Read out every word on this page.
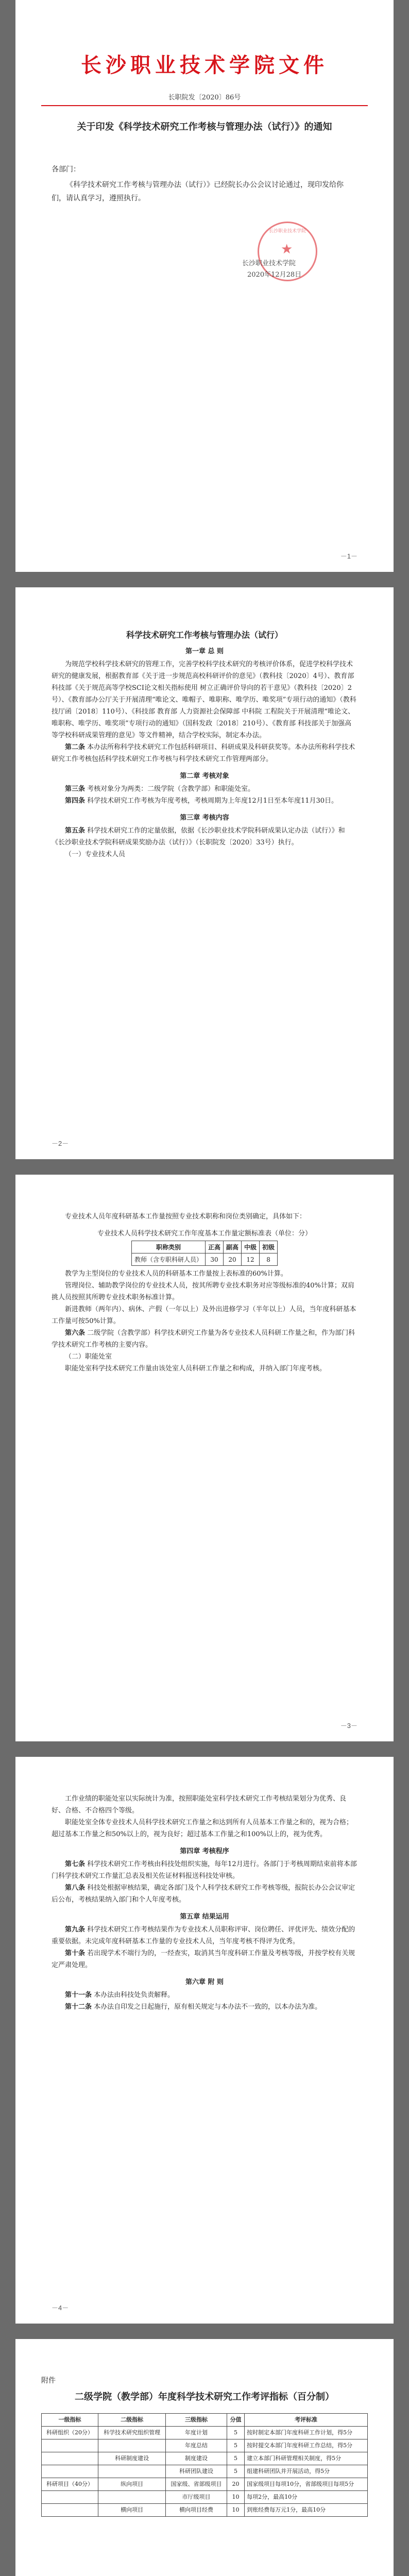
长沙职业技术学院文件
长职院发〔2020〕86号
关于印发《科学技术研究工作考核与管理办法（试行）》的通知
各部门：

《科学技术研究工作考核与管理办法（试行）》已经院长办公会议讨论通过，现印发给你们，请认真学习，遵照执行。

长沙职业技术学院
★
长沙职业技术学院
2020年12月28日
－1－

科学技术研究工作考核与管理办法（试行）

第一章 总 则

为规范学校科学技术研究的管理工作，完善学校科学技术研究的考核评价体系，促进学校科学技术研究的健康发展，根据教育部《关于进一步规范高校科研评价的意见》（教科技〔2020〕4号）、教育部 科技部《关于规范高等学校SCI论文相关指标使用 树立正确评价导向的若干意见》（教科技〔2020〕2号）、《教育部办公厅关于开展清理“唯论文、唯帽子、唯职称、唯学历、唯奖项”专项行动的通知》（教科技厅函〔2018〕110号）、《科技部 教育部 人力资源社会保障部 中科院 工程院关于开展清理“唯论文、唯职称、唯学历、唯奖项”专项行动的通知》（国科发政〔2018〕210号）、《教育部 科技部关于加强高等学校科研成果管理的意见》等文件精神，结合学校实际，制定本办法。

第二条 本办法所称科学技术研究工作包括科研项目、科研成果及科研获奖等。本办法所称科学技术研究工作考核包括科学技术研究工作考核与科学技术研究工作管理两部分。

第二章 考核对象

第三条 考核对象分为两类：二级学院（含教学部）和职能处室。

第四条 科学技术研究工作考核为年度考核，考核周期为上年度12月1日至本年度11月30日。

第三章 考核内容

第五条 科学技术研究工作的定量依据，依据《长沙职业技术学院科研成果认定办法（试行）》和《长沙职业技术学院科研成果奖励办法（试行）》（长职院发〔2020〕33号）执行。

（一）专业技术人员

－2－

专业技术人员年度科研基本工作量按照专业技术职称和岗位类别确定，具体如下：

专业技术人员科学技术研究工作年度基本工作量定额标准表（单位：分）
职称类别	正高	副高	中级	初级
教师（含专职科研人员）	30	20	12	8

教学为主型岗位的专业技术人员的科研基本工作量按上表标准的60%计算。

管理岗位、辅助教学岗位的专业技术人员，按其所聘专业技术职务对应等级标准的40%计算；双肩挑人员按照其所聘专业技术职务标准计算。

新进教师（两年内）、病休、产假（一年以上）及外出进修学习（半年以上）人员，当年度科研基本工作量可按50%计算。

第六条 二级学院（含教学部）科学技术研究工作量为各专业技术人员科研工作量之和，作为部门科学技术研究工作考核的主要内容。

（二）职能处室

职能处室科学技术研究工作量由该处室人员科研工作量之和构成，并纳入部门年度考核。

－3－

工作业绩的职能处室以实际统计为准，按照职能处室科学技术研究工作考核结果划分为优秀、良好、合格、不合格四个等级。

职能处室全体专业技术人员科学技术研究工作量之和达到所有人员基本工作量之和的，视为合格；超过基本工作量之和50%以上的，视为良好；超过基本工作量之和100%以上的，视为优秀。

第四章 考核程序

第七条 科学技术研究工作考核由科技处组织实施，每年12月进行。各部门于考核周期结束前将本部门科学技术研究工作量汇总表及相关佐证材料报送科技处审核。

第八条 科技处根据审核结果，确定各部门及个人科学技术研究工作考核等级，报院长办公会议审定后公布，考核结果纳入部门和个人年度考核。

第五章 结果运用

第九条 科学技术研究工作考核结果作为专业技术人员职称评审、岗位聘任、评优评先、绩效分配的重要依据。未完成年度科研基本工作量的专业技术人员，当年度考核不得评为优秀。

第十条 若出现学术不端行为的，一经查实，取消其当年度科研工作量及考核等级，并按学校有关规定严肃处理。

第六章 附 则

第十一条 本办法由科技处负责解释。

第十二条 本办法自印发之日起施行，原有相关规定与本办法不一致的，以本办法为准。

－4－

附件

二级学院（教学部）年度科学技术研究工作考评指标（百分制）
一级指标	二级指标	三级指标	分值	考评标准
科研组织（20分）	科学技术研究组织管理	年度计划	5	按时制定本部门年度科研工作计划，得5分
		年度总结	5	按时提交本部门年度科研工作总结，得5分
	科研制度建设	制度建设	5	建立本部门科研管理相关制度，得5分
		科研团队建设	5	组建科研团队并开展活动，得5分
科研项目（40分）	纵向项目	国家级、省部级项目	20	国家级项目每项10分，省部级项目每项5分
		市厅级项目	10	每项2分，最高10分
	横向项目	横向项目经费	10	到账经费每万元1分，最高10分
